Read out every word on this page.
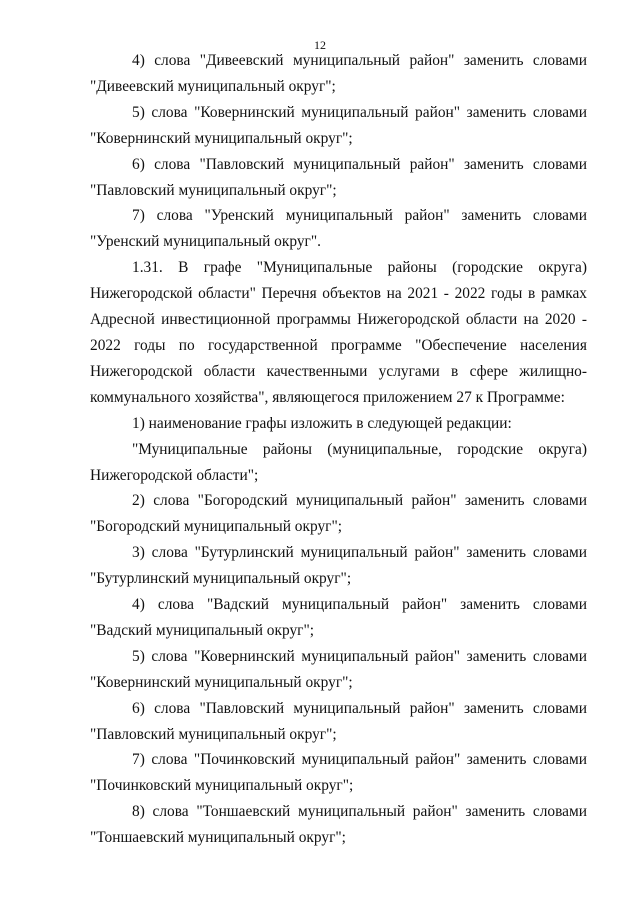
12

4) слова "Дивеевский муниципальный район" заменить словами "Дивеевский муниципальный округ";

5) слова "Ковернинский муниципальный район" заменить словами "Ковернинский муниципальный округ";

6) слова "Павловский муниципальный район" заменить словами "Павловский муниципальный округ";

7) слова "Уренский муниципальный район" заменить словами "Уренский муниципальный округ".

1.31. В графе "Муниципальные районы (городские округа) Нижегородской области" Перечня объектов на 2021 - 2022 годы в рамках Адресной инвестиционной программы Нижегородской области на 2020 - 2022 годы по государственной программе "Обеспечение населения Нижегородской области качественными услугами в сфере жилищно-коммунального хозяйства", являющегося приложением 27 к Программе:

1) наименование графы изложить в следующей редакции:

"Муниципальные районы (муниципальные, городские округа) Нижегородской области";

2) слова "Богородский муниципальный район" заменить словами "Богородский муниципальный округ";

3) слова "Бутурлинский муниципальный район" заменить словами "Бутурлинский муниципальный округ";

4) слова "Вадский муниципальный район" заменить словами "Вадский муниципальный округ";

5) слова "Ковернинский муниципальный район" заменить словами "Ковернинский муниципальный округ";

6) слова "Павловский муниципальный район" заменить словами "Павловский муниципальный округ";

7) слова "Починковский муниципальный район" заменить словами "Починковский муниципальный округ";

8) слова "Тоншаевский муниципальный район" заменить словами "Тоншаевский муниципальный округ";
